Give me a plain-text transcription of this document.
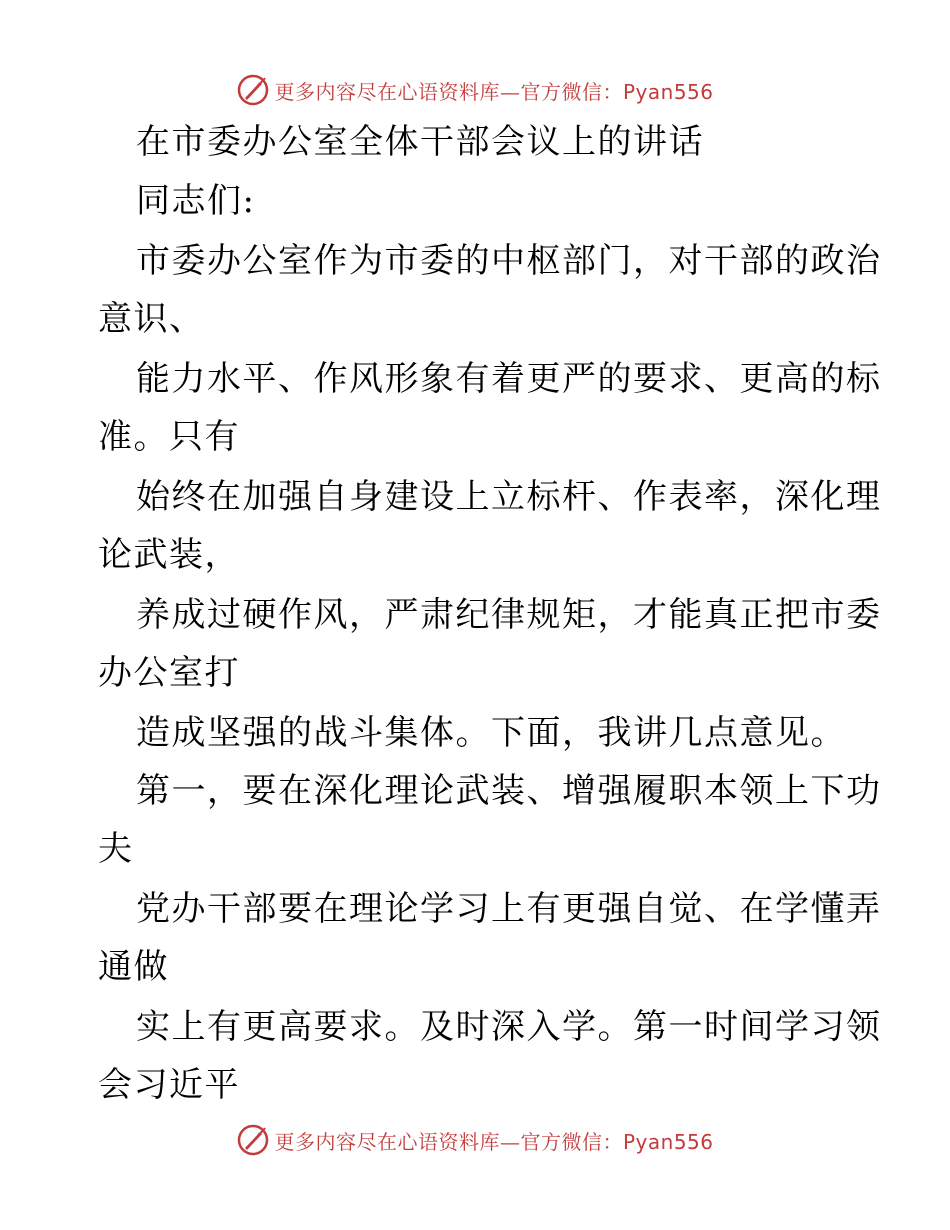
更多内容尽在心语资料库—官方微信：Pyan556
在市委办公室全体干部会议上的讲话
同志们:
市委办公室作为市委的中枢部门，对干部的政治
意识、
能力水平、作风形象有着更严的要求、更高的标
准。只有
始终在加强自身建设上立标杆、作表率，深化理
论武装，
养成过硬作风，严肃纪律规矩，才能真正把市委
办公室打
造成坚强的战斗集体。下面，我讲几点意见。
第一，要在深化理论武装、增强履职本领上下功
夫
党办干部要在理论学习上有更强自觉、在学懂弄
通做
实上有更高要求。及时深入学。第一时间学习领
会习近平
更多内容尽在心语资料库—官方微信：Pyan556
